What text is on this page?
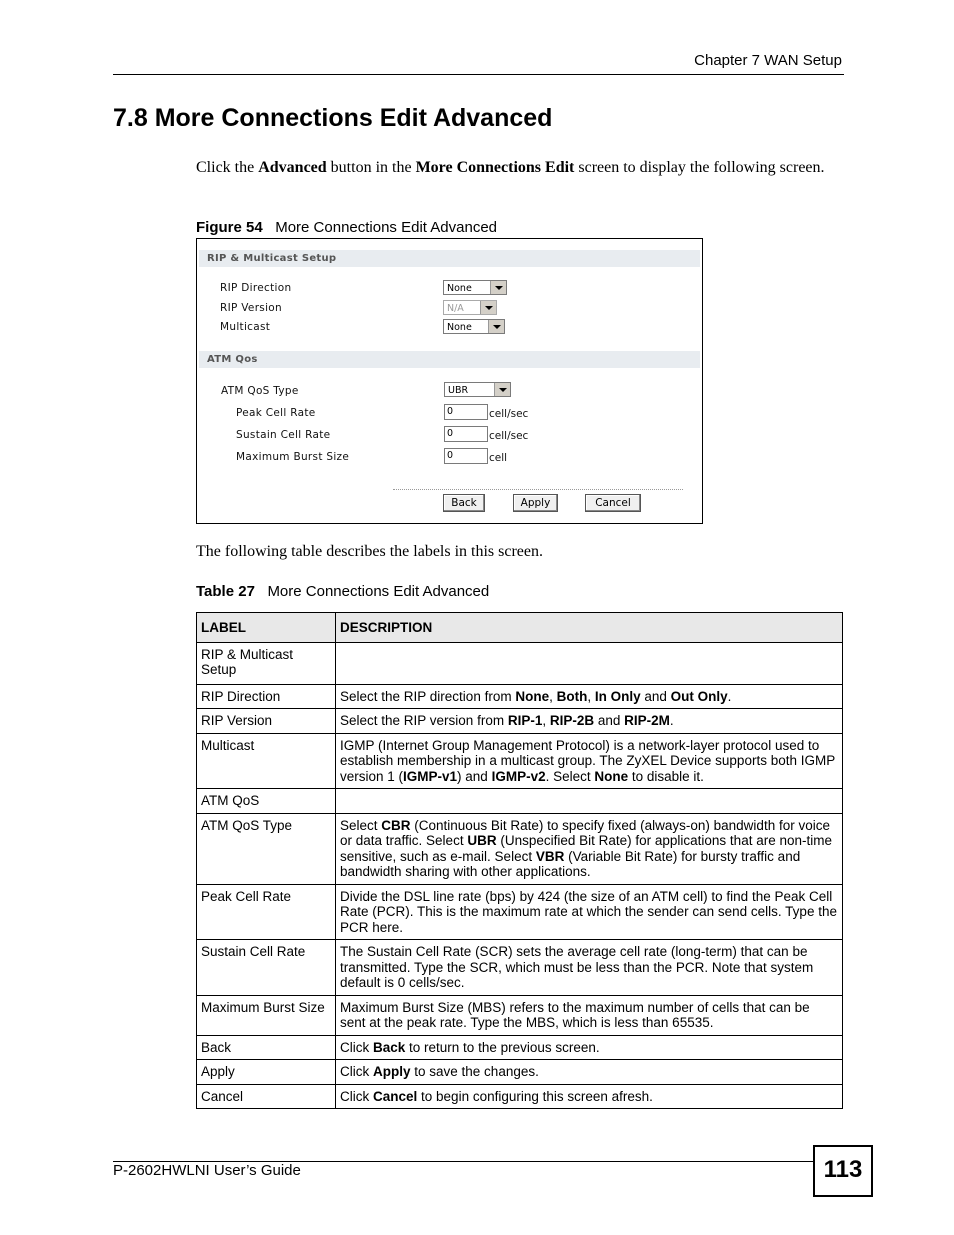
Chapter 7 WAN Setup
7.8 More Connections Edit Advanced
Click the Advanced button in the More Connections Edit screen to display the following screen.
Figure 54 More Connections Edit Advanced
RIP & Multicast Setup
RIP Direction	None
RIP Version	N/A
Multicast	None
ATM Qos
ATM QoS Type	UBR
Peak Cell Rate	0	cell/sec
Sustain Cell Rate	0	cell/sec
Maximum Burst Size	0	cell
Back	Apply	Cancel
The following table describes the labels in this screen.
Table 27 More Connections Edit Advanced
LABEL	DESCRIPTION
RIP & Multicast Setup	
RIP Direction	Select the RIP direction from None, Both, In Only and Out Only.
RIP Version	Select the RIP version from RIP-1, RIP-2B and RIP-2M.
Multicast	IGMP (Internet Group Management Protocol) is a network-layer protocol used to establish membership in a multicast group. The ZyXEL Device supports both IGMP version 1 (IGMP-v1) and IGMP-v2. Select None to disable it.
ATM QoS	
ATM QoS Type	Select CBR (Continuous Bit Rate) to specify fixed (always-on) bandwidth for voice or data traffic. Select UBR (Unspecified Bit Rate) for applications that are non-time sensitive, such as e-mail. Select VBR (Variable Bit Rate) for bursty traffic and bandwidth sharing with other applications.
Peak Cell Rate	Divide the DSL line rate (bps) by 424 (the size of an ATM cell) to find the Peak Cell Rate (PCR). This is the maximum rate at which the sender can send cells. Type the PCR here.
Sustain Cell Rate	The Sustain Cell Rate (SCR) sets the average cell rate (long-term) that can be transmitted. Type the SCR, which must be less than the PCR. Note that system default is 0 cells/sec.
Maximum Burst Size	Maximum Burst Size (MBS) refers to the maximum number of cells that can be sent at the peak rate. Type the MBS, which is less than 65535.
Back	Click Back to return to the previous screen.
Apply	Click Apply to save the changes.
Cancel	Click Cancel to begin configuring this screen afresh.
P-2602HWLNI User’s Guide	113
